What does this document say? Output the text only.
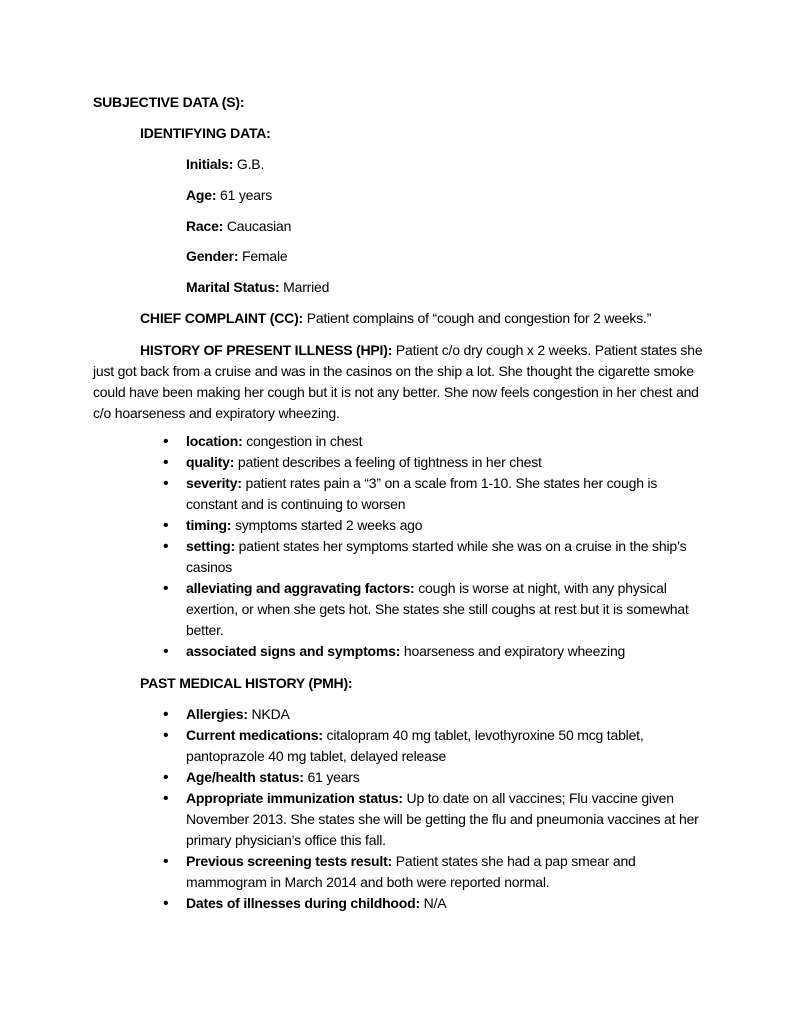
SUBJECTIVE DATA (S):

IDENTIFYING DATA:

Initials: G.B.

Age: 61 years

Race: Caucasian

Gender: Female

Marital Status: Married

CHIEF COMPLAINT (CC): Patient complains of “cough and congestion for 2 weeks.”

HISTORY OF PRESENT ILLNESS (HPI): Patient c/o dry cough x 2 weeks. Patient states she just got back from a cruise and was in the casinos on the ship a lot. She thought the cigarette smoke could have been making her cough but it is not any better. She now feels congestion in her chest and c/o hoarseness and expiratory wheezing.

• location: congestion in chest
• quality: patient describes a feeling of tightness in her chest
• severity: patient rates pain a “3” on a scale from 1-10. She states her cough is constant and is continuing to worsen
• timing: symptoms started 2 weeks ago
• setting: patient states her symptoms started while she was on a cruise in the ship’s casinos
• alleviating and aggravating factors: cough is worse at night, with any physical exertion, or when she gets hot. She states she still coughs at rest but it is somewhat better.
• associated signs and symptoms: hoarseness and expiratory wheezing

PAST MEDICAL HISTORY (PMH):

• Allergies: NKDA
• Current medications: citalopram 40 mg tablet, levothyroxine 50 mcg tablet, pantoprazole 40 mg tablet, delayed release
• Age/health status: 61 years
• Appropriate immunization status: Up to date on all vaccines; Flu vaccine given November 2013. She states she will be getting the flu and pneumonia vaccines at her primary physician’s office this fall.
• Previous screening tests result: Patient states she had a pap smear and mammogram in March 2014 and both were reported normal.
• Dates of illnesses during childhood: N/A
